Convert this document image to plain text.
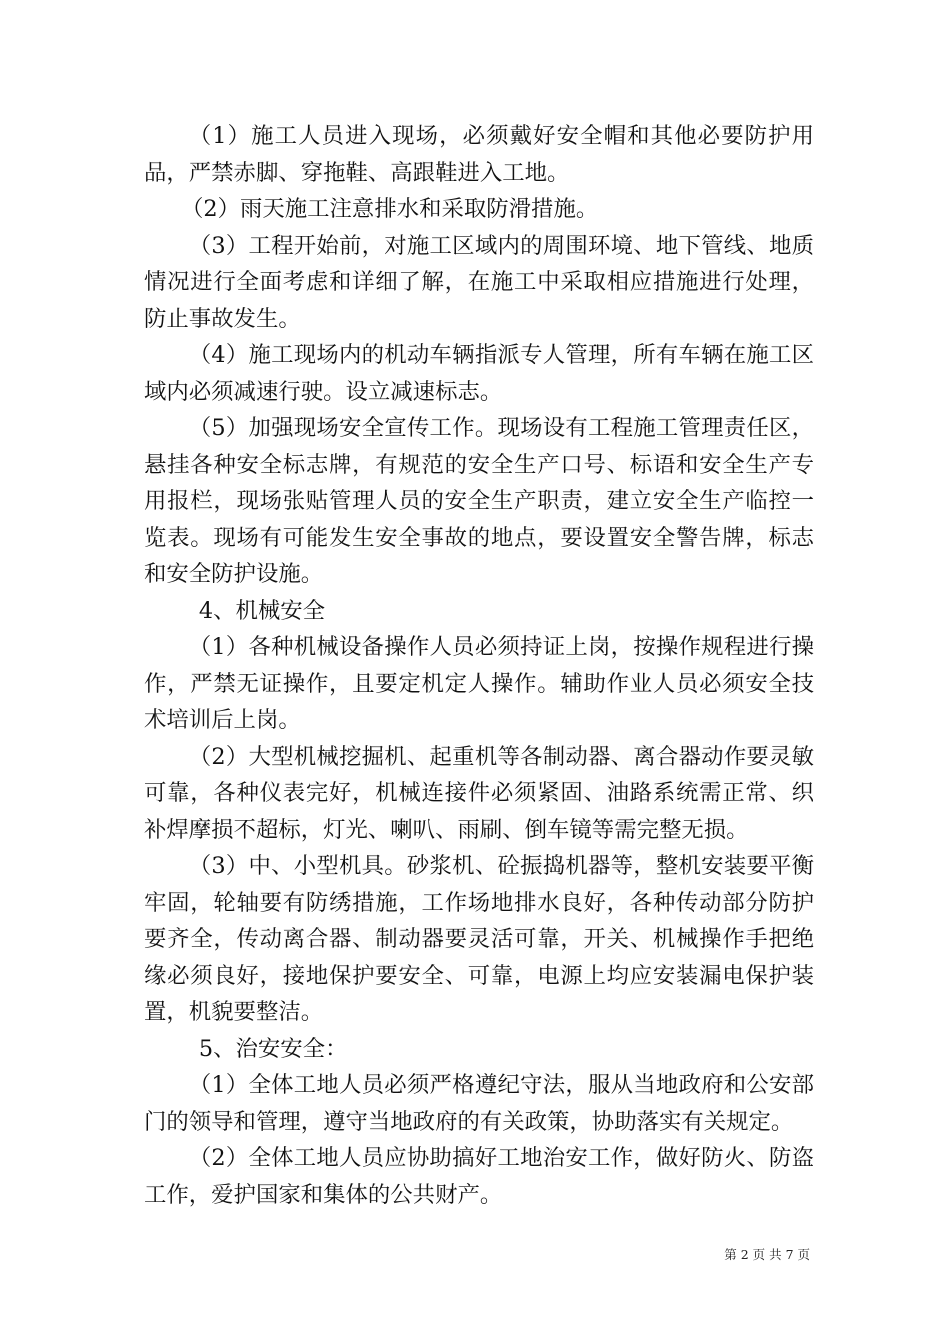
（1）施工人员进入现场，必须戴好安全帽和其他必要防护用品，严禁赤脚、穿拖鞋、高跟鞋进入工地。

（2）雨天施工注意排水和采取防滑措施。

（3）工程开始前，对施工区域内的周围环境、地下管线、地质情况进行全面考虑和详细了解，在施工中采取相应措施进行处理，防止事故发生。

（4）施工现场内的机动车辆指派专人管理，所有车辆在施工区域内必须减速行驶。设立减速标志。

（5）加强现场安全宣传工作。现场设有工程施工管理责任区，悬挂各种安全标志牌，有规范的安全生产口号、标语和安全生产专用报栏，现场张贴管理人员的安全生产职责，建立安全生产临控一览表。现场有可能发生安全事故的地点，要设置安全警告牌，标志和安全防护设施。

4、机械安全

（1）各种机械设备操作人员必须持证上岗，按操作规程进行操作，严禁无证操作，且要定机定人操作。辅助作业人员必须安全技术培训后上岗。

（2）大型机械挖掘机、起重机等各制动器、离合器动作要灵敏可靠，各种仪表完好，机械连接件必须紧固、油路系统需正常、织补焊摩损不超标，灯光、喇叭、雨刷、倒车镜等需完整无损。

（3）中、小型机具。砂浆机、砼振捣机器等，整机安装要平衡牢固，轮轴要有防绣措施，工作场地排水良好，各种传动部分防护要齐全，传动离合器、制动器要灵活可靠，开关、机械操作手把绝缘必须良好，接地保护要安全、可靠，电源上均应安装漏电保护装置，机貌要整洁。

5、治安安全：

（1）全体工地人员必须严格遵纪守法，服从当地政府和公安部门的领导和管理，遵守当地政府的有关政策，协助落实有关规定。

（2）全体工地人员应协助搞好工地治安工作，做好防火、防盗工作，爱护国家和集体的公共财产。

第 2 页 共 7 页
